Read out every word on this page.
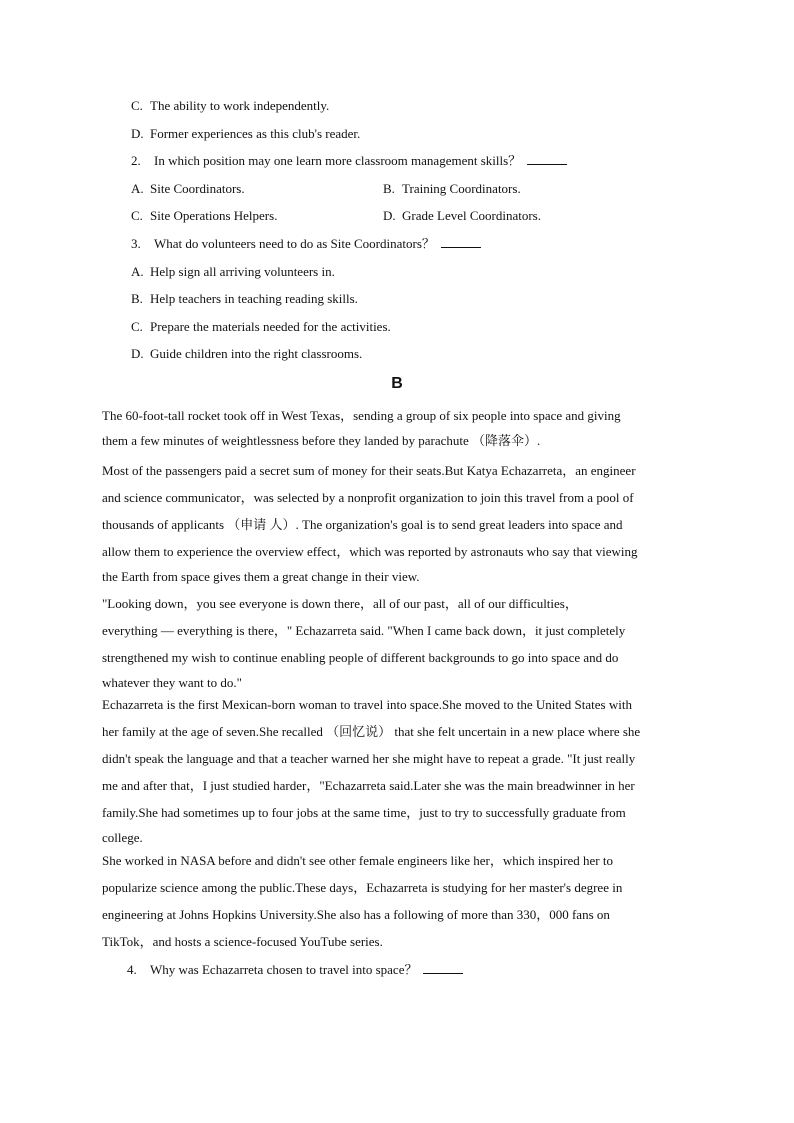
C. The ability to work independently.
D. Former experiences as this club's reader.
2. In which position may one learn more classroom management skills？
A. Site Coordinators.	B. Training Coordinators.
C. Site Operations Helpers.	D. Grade Level Coordinators.
3. What do volunteers need to do as Site Coordinators？
A. Help sign all arriving volunteers in.
B. Help teachers in teaching reading skills.
C. Prepare the materials needed for the activities.
D. Guide children into the right classrooms.
B
The 60-foot-tall rocket took off in West Texas，sending a group of six people into space and giving
them a few minutes of weightlessness before they landed by parachute （降落伞）.
Most of the passengers paid a secret sum of money for their seats.But Katya Echazarreta，an engineer
and science communicator，was selected by a nonprofit organization to join this travel from a pool of
thousands of applicants （申请 人）. The organization's goal is to send great leaders into space and
allow them to experience the overview effect，which was reported by astronauts who say that viewing
the Earth from space gives them a great change in their view.
"Looking down，you see everyone is down there，all of our past，all of our difficulties，
everything — everything is there，" Echazarreta said. "When I came back down，it just completely
strengthened my wish to continue enabling people of different backgrounds to go into space and do
whatever they want to do."
Echazarreta is the first Mexican-born woman to travel into space.She moved to the United States with
her family at the age of seven.She recalled （回忆说） that she felt uncertain in a new place where she
didn't speak the language and that a teacher warned her she might have to repeat a grade. "It just really
me and after that，I just studied harder，"Echazarreta said.Later she was the main breadwinner in her
family.She had sometimes up to four jobs at the same time，just to try to successfully graduate from
college.
She worked in NASA before and didn't see other female engineers like her，which inspired her to
popularize science among the public.These days，Echazarreta is studying for her master's degree in
engineering at Johns Hopkins University.She also has a following of more than 330，000 fans on
TikTok，and hosts a science-focused YouTube series.
4. Why was Echazarreta chosen to travel into space？
